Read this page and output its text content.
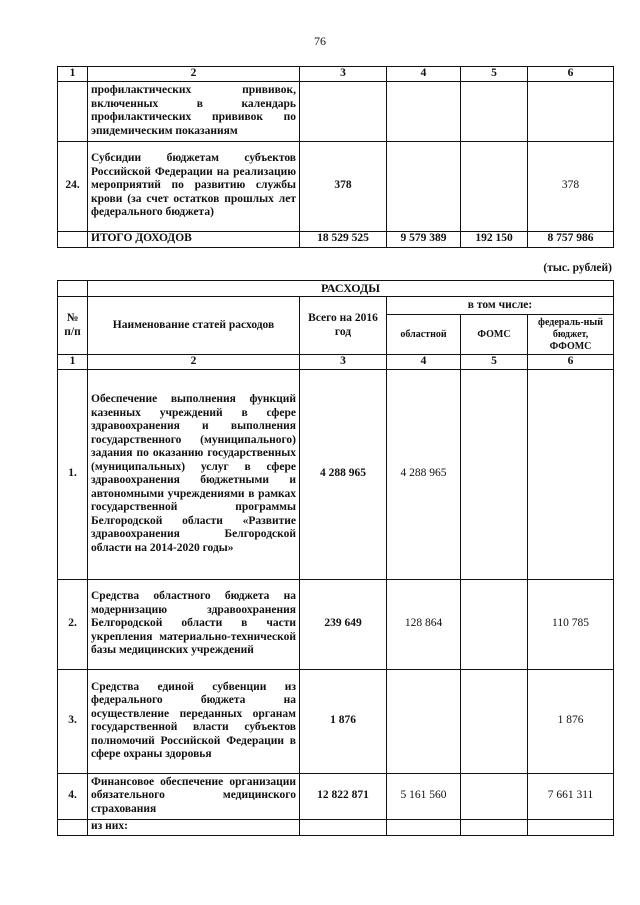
76
1	2	3	4	5	6
	профилактических прививок, включенных в календарь профилактических прививок по эпидемическим показаниям				
24.	Субсидии бюджетам субъектов Российской Федерации на реализацию мероприятий по развитию службы крови (за счет остатков прошлых лет федерального бюджета)	378			378
	ИТОГО ДОХОДОВ	18 529 525	9 579 389	192 150	8 757 986
(тыс. рублей)
	РАСХОДЫ				
№ п/п	Наименование статей расходов	Всего на 2016 год	в том числе:		
			областной	ФОМС	федераль-ный бюджет, ФФОМС
1	2	3	4	5	6
1.	Обеспечение выполнения функций казенных учреждений в сфере здравоохранения и выполнения государственного (муниципального) задания по оказанию государственных (муниципальных) услуг в сфере здравоохранения бюджетными и автономными учреждениями в рамках государственной программы Белгородской области «Развитие здравоохранения Белгородской области на 2014-2020 годы»	4 288 965	4 288 965		
2.	Средства областного бюджета на модернизацию здравоохранения Белгородской области в части укрепления материально-технической базы медицинских учреждений	239 649	128 864		110 785
3.	Средства единой субвенции из федерального бюджета на осуществление переданных органам государственной власти субъектов полномочий Российской Федерации в сфере охраны здоровья	1 876			1 876
4.	Финансовое обеспечение организации обязательного медицинского страхования	12 822 871	5 161 560		7 661 311
	из них:				
